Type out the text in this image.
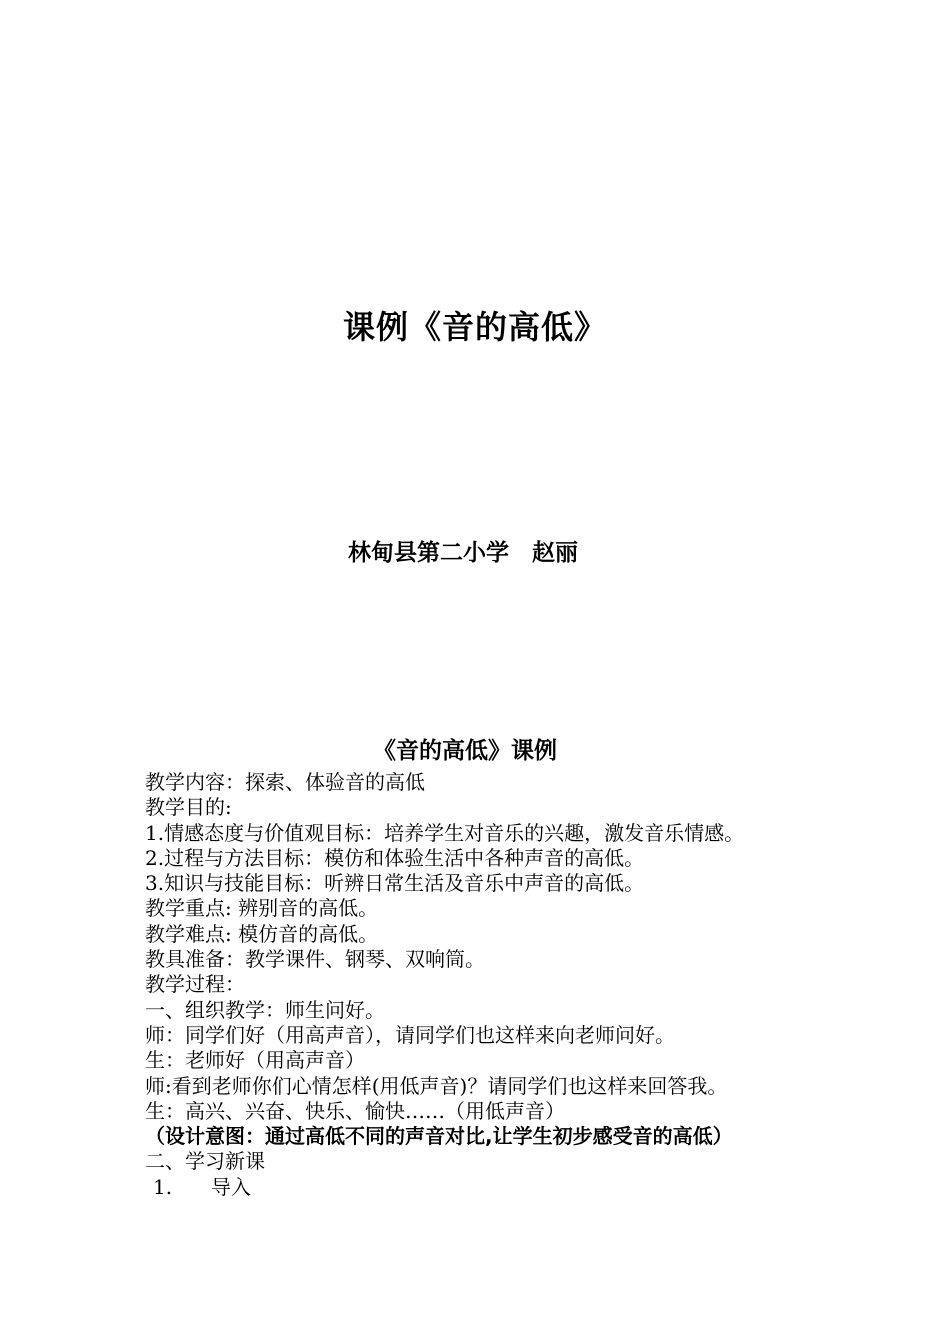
课例《音的高低》
林甸县第二小学　赵丽
《音的高低》课例
教学内容：探索、体验音的高低
教学目的:
1.情感态度与价值观目标：培养学生对音乐的兴趣，激发音乐情感。
2.过程与方法目标：模仿和体验生活中各种声音的高低。
3.知识与技能目标：听辨日常生活及音乐中声音的高低。
教学重点: 辨别音的高低。
教学难点: 模仿音的高低。
教具准备：教学课件、钢琴、双响筒。
教学过程：
一、组织教学：师生问好。
师：同学们好（用高声音），请同学们也这样来向老师问好。
生：老师好（用高声音）
师:看到老师你们心情怎样(用低声音)？请同学们也这样来回答我。
生：高兴、兴奋、快乐、愉快……（用低声音）
（设计意图：通过高低不同的声音对比,让学生初步感受音的高低）
二、学习新课
1. 导入
